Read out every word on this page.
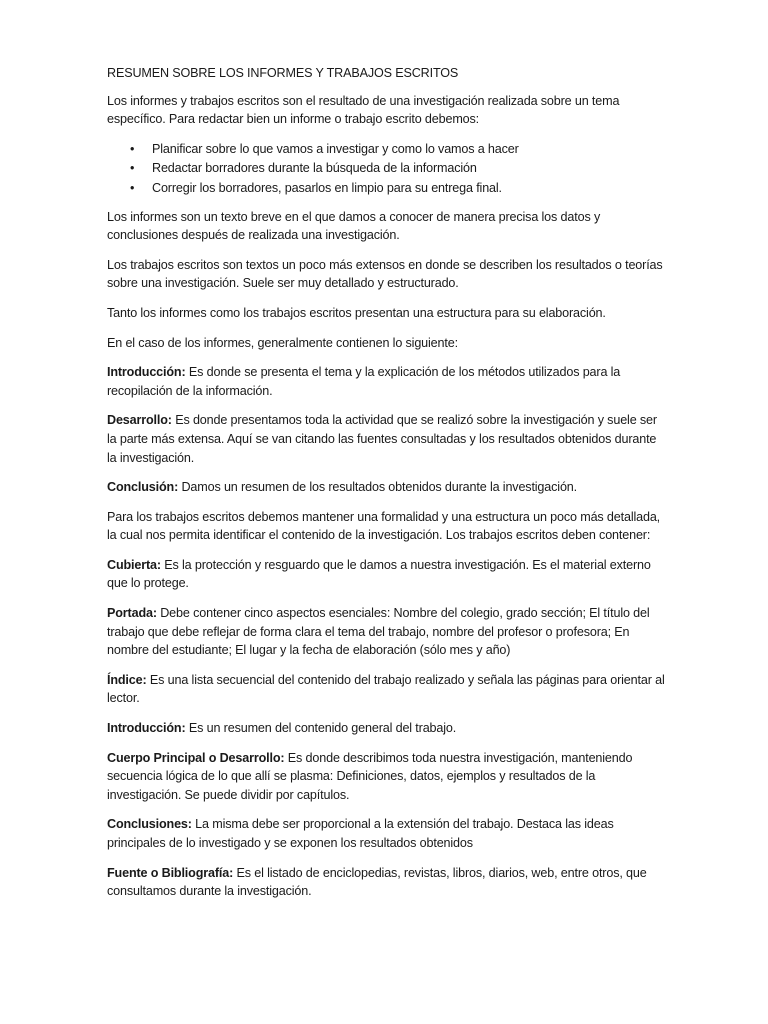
RESUMEN SOBRE LOS INFORMES Y TRABAJOS ESCRITOS

Los informes y trabajos escritos son el resultado de una investigación realizada sobre un tema específico. Para redactar bien un informe o trabajo escrito debemos:

• Planificar sobre lo que vamos a investigar y como lo vamos a hacer
• Redactar borradores durante la búsqueda de la información
• Corregir los borradores, pasarlos en limpio para su entrega final.

Los informes son un texto breve en el que damos a conocer de manera precisa los datos y conclusiones después de realizada una investigación.

Los trabajos escritos son textos un poco más extensos en donde se describen los resultados o teorías sobre una investigación. Suele ser muy detallado y estructurado.

Tanto los informes como los trabajos escritos presentan una estructura para su elaboración.

En el caso de los informes, generalmente contienen lo siguiente:

Introducción: Es donde se presenta el tema y la explicación de los métodos utilizados para la recopilación de la información.

Desarrollo: Es donde presentamos toda la actividad que se realizó sobre la investigación y suele ser la parte más extensa. Aquí se van citando las fuentes consultadas y los resultados obtenidos durante la investigación.

Conclusión: Damos un resumen de los resultados obtenidos durante la investigación.

Para los trabajos escritos debemos mantener una formalidad y una estructura un poco más detallada, la cual nos permita identificar el contenido de la investigación. Los trabajos escritos deben contener:

Cubierta: Es la protección y resguardo que le damos a nuestra investigación. Es el material externo que lo protege.

Portada: Debe contener cinco aspectos esenciales: Nombre del colegio, grado sección; El título del trabajo que debe reflejar de forma clara el tema del trabajo, nombre del profesor o profesora; En nombre del estudiante; El lugar y la fecha de elaboración (sólo mes y año)

Índice: Es una lista secuencial del contenido del trabajo realizado y señala las páginas para orientar al lector.

Introducción: Es un resumen del contenido general del trabajo.

Cuerpo Principal o Desarrollo: Es donde describimos toda nuestra investigación, manteniendo secuencia lógica de lo que allí se plasma: Definiciones, datos, ejemplos y resultados de la investigación. Se puede dividir por capítulos.

Conclusiones: La misma debe ser proporcional a la extensión del trabajo. Destaca las ideas principales de lo investigado y se exponen los resultados obtenidos

Fuente o Bibliografía: Es el listado de enciclopedias, revistas, libros, diarios, web, entre otros, que consultamos durante la investigación.
